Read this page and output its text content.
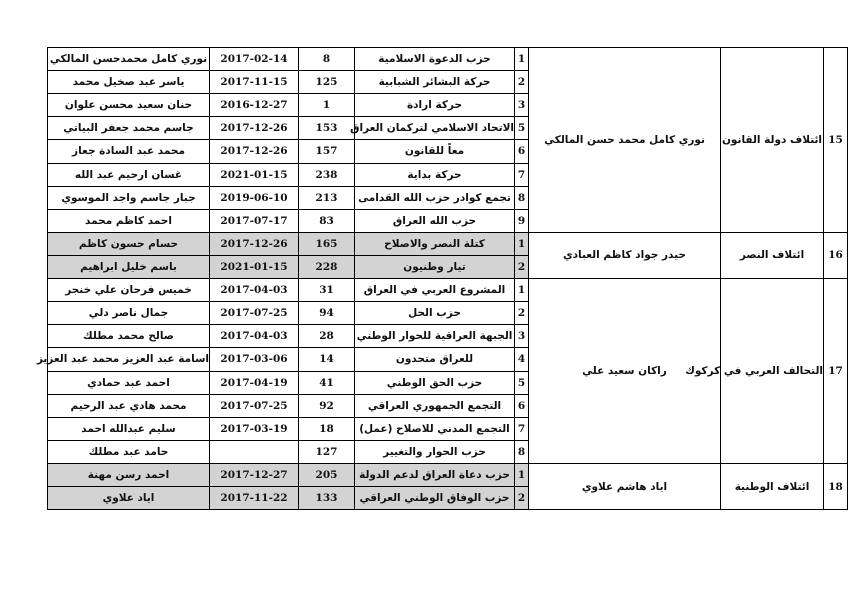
نوري كامل محمدحسن المالكي	2017-02-14	8	حزب الدعوة الاسلامية	1	نوري كامل محمد حسن المالكي	ائتلاف دولة القانون	15
ياسر عبد صخيل محمد	2017-11-15	125	حركة البشائر الشبابية	2			
حنان سعيد محسن علوان	2016-12-27	1	حركة ارادة	3			
جاسم محمد جعفر البياتي	2017-12-26	153	الاتحاد الاسلامي لتركمان العراق	5			
محمد عبد السادة جعاز	2017-12-26	157	معاً للقانون	6			
غسان ارحيم عبد الله	2021-01-15	238	حركة بداية	7			
جبار جاسم واجد الموسوي	2019-06-10	213	تجمع كوادر حزب الله القدامى	8			
احمد كاظم محمد	2017-07-17	83	حزب الله العراق	9			
حسام حسون كاظم	2017-12-26	165	كتلة النصر والاصلاح	1	حيدر جواد كاظم العبادي	ائتلاف النصر	16
باسم خليل ابراهيم	2021-01-15	228	تيار وطنيون	2			
خميس فرحان علي خنجر	2017-04-03	31	المشروع العربي في العراق	1	راكان سعيد علي	التحالف العربي في كركوك	17
جمال ناصر دلي	2017-07-25	94	حزب الحل	2			
صالح محمد مطلك	2017-04-03	28	الجبهة العراقية للحوار الوطني	3			
اسامة عبد العزيز محمد عبد العزيز	2017-03-06	14	للعراق متحدون	4			
احمد عبد حمادي	2017-04-19	41	حزب الحق الوطني	5			
محمد هادي عبد الرحيم	2017-07-25	92	التجمع الجمهوري العراقي	6			
سليم عبدالله احمد	2017-03-19	18	التجمع المدني للاصلاح (عمل)	7			
حامد عبد مطلك		127	حزب الحوار والتغيير	8			
احمد رسن مهنة	2017-12-27	205	حزب دعاة العراق لدعم الدولة	1	اياد هاشم علاوي	ائتلاف الوطنية	18
اياد علاوي	2017-11-22	133	حزب الوفاق الوطني العراقي	2			
